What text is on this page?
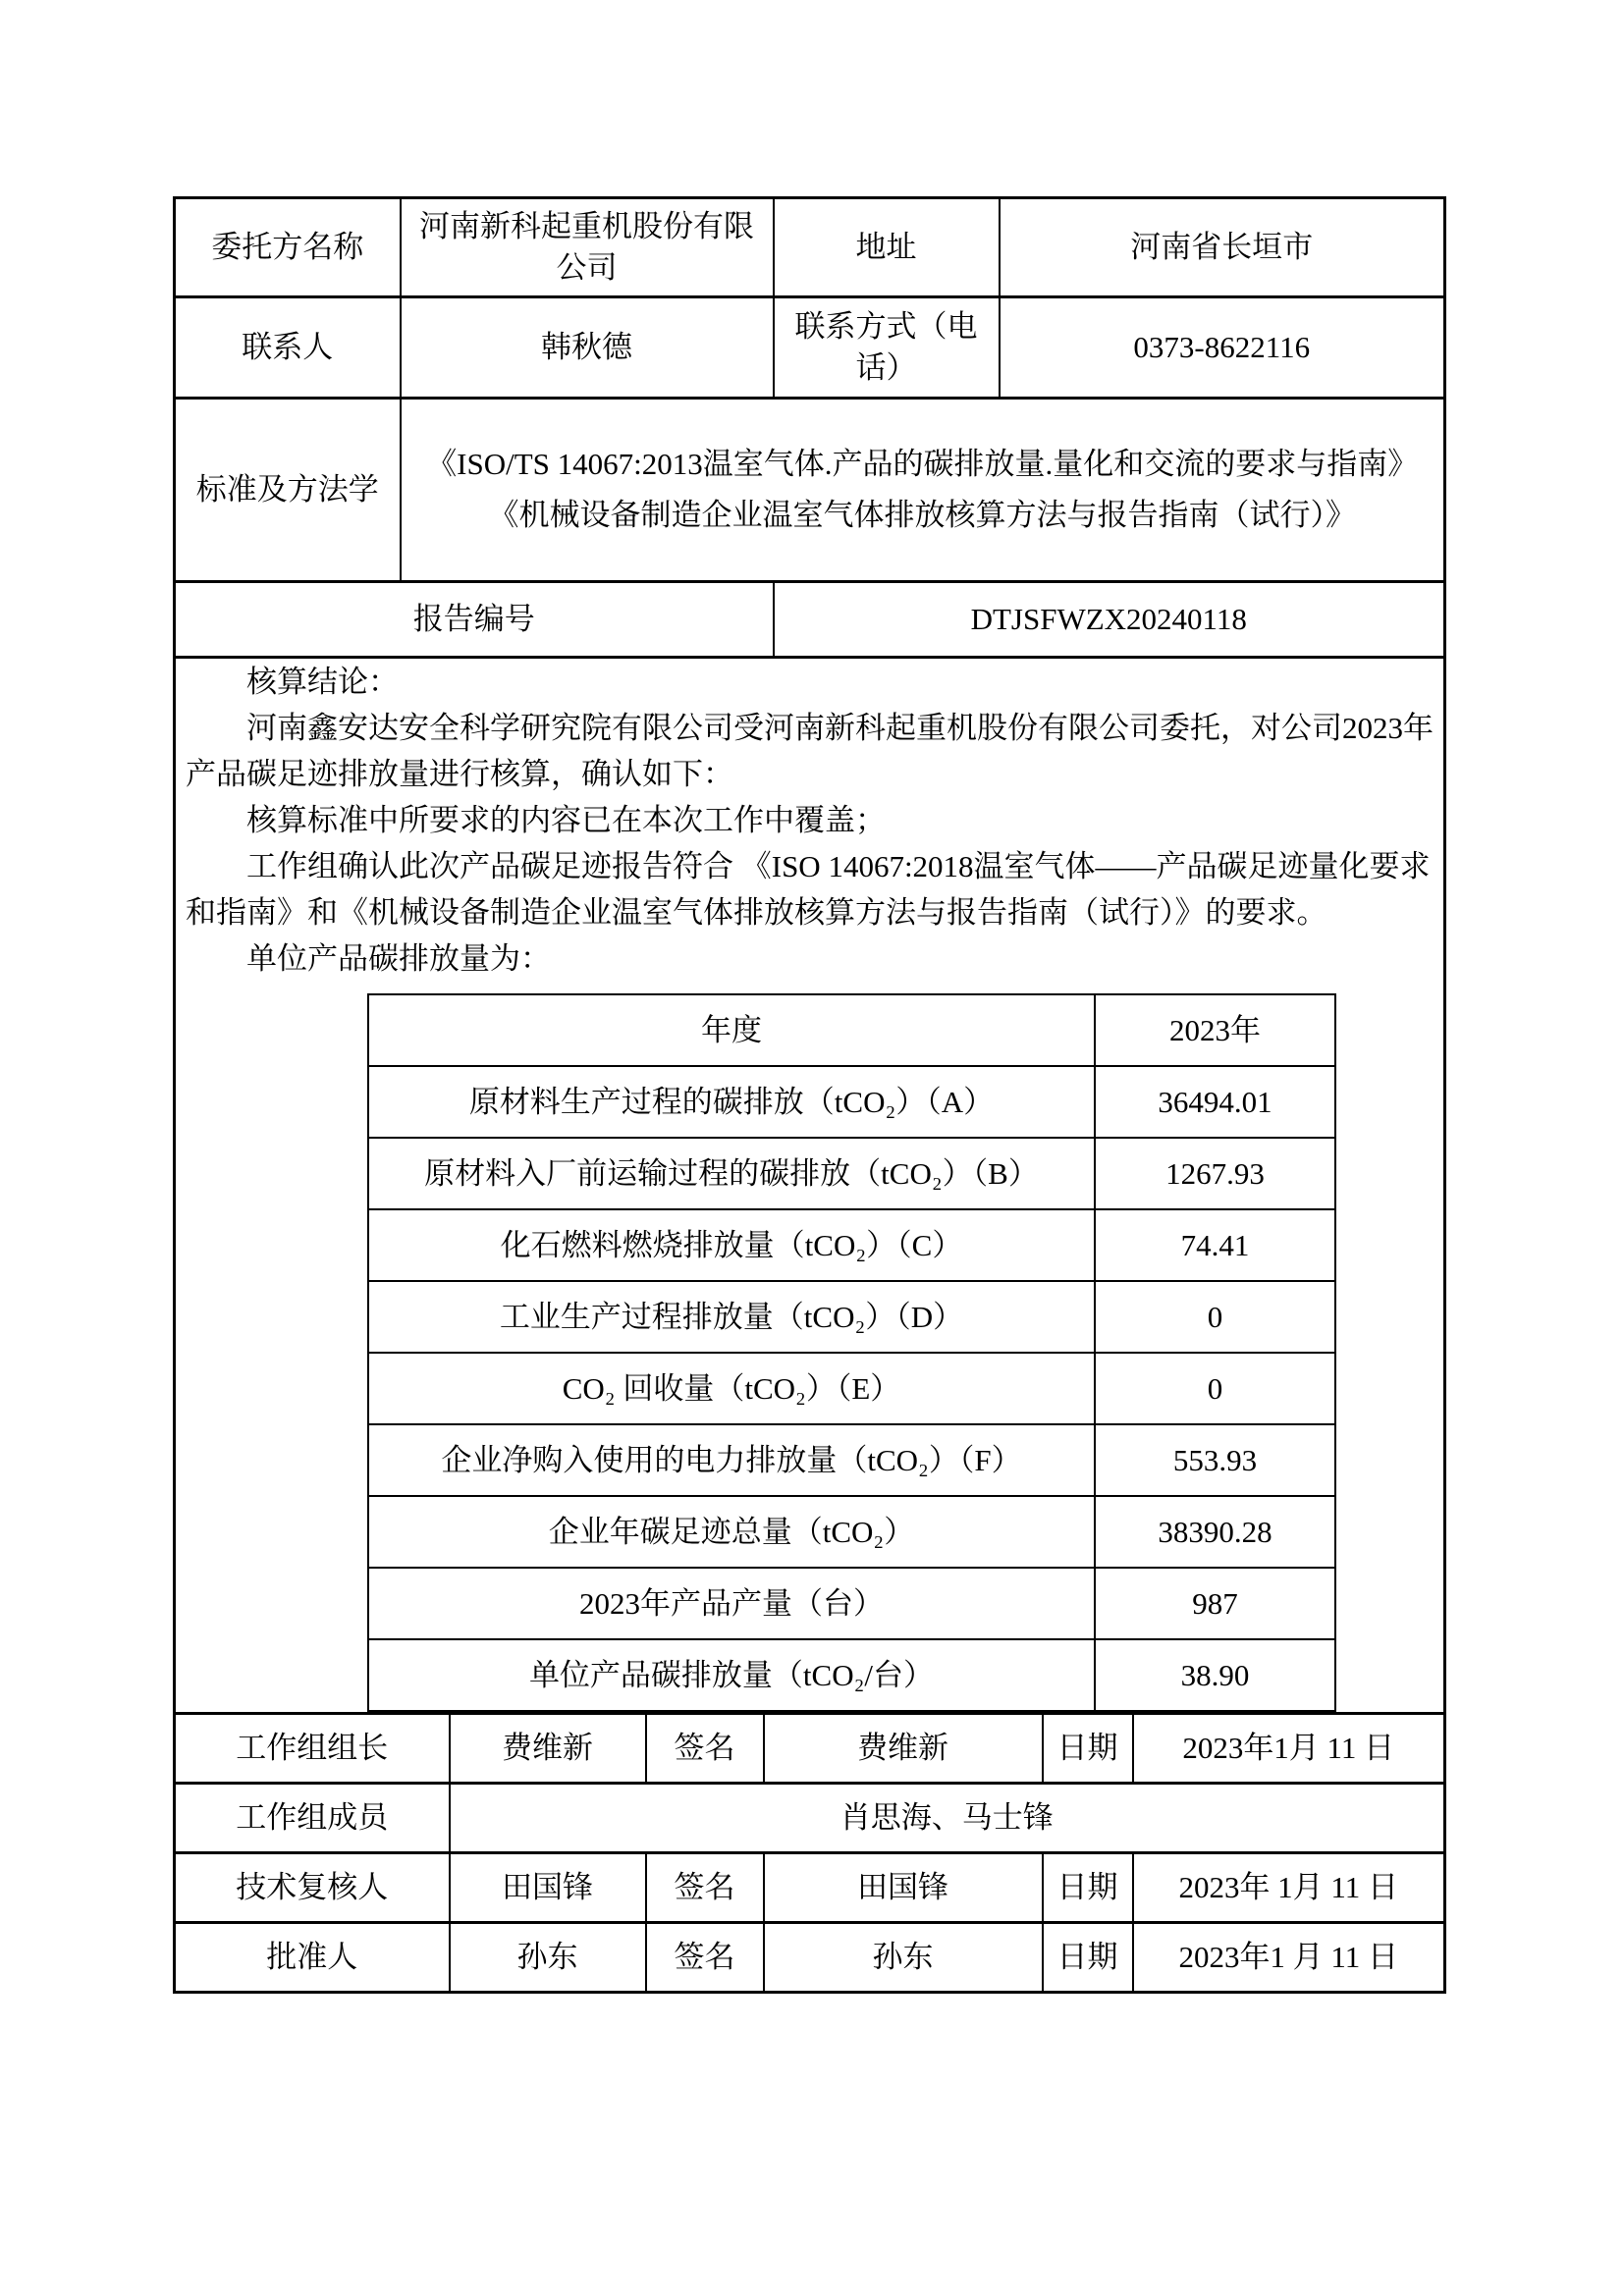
委托方名称	河南新科起重机股份有限公司	地址	河南省长垣市
联系人	韩秋德	联系方式（电话）	0373-8622116
标准及方法学	

《ISO/TS 14067:2013温室气体.产品的碳排放量.量化和交流的要求与指南》

《机械设备制造企业温室气体排放核算方法与报告指南（试行）》

报告编号	DTJSFWZX20240118

核算结论：

河南鑫安达安全科学研究院有限公司受河南新科起重机股份有限公司委托，对公司2023年产品碳足迹排放量进行核算，确认如下：

核算标准中所要求的内容已在本次工作中覆盖；

工作组确认此次产品碳足迹报告符合 《ISO 14067:2018温室气体——产品碳足迹量化要求和指南》和《机械设备制造企业温室气体排放核算方法与报告指南（试行）》的要求。

单位产品碳排放量为：

年度	2023年
原材料生产过程的碳排放（tCO₂）（A）	36494.01
原材料入厂前运输过程的碳排放（tCO₂）（B）	1267.93
化石燃料燃烧排放量（tCO₂）（C）	74.41
工业生产过程排放量（tCO₂）（D）	0
CO₂ 回收量（tCO₂）（E）	0
企业净购入使用的电力排放量（tCO₂）（F）	553.93
企业年碳足迹总量（tCO₂）	38390.28
2023年产品产量（台）	987
单位产品碳排放量（tCO₂/台）	38.90

工作组组长	费维新	签名	费维新	日期	2023年1月 11 日
工作组成员	肖思海、马士锋
技术复核人	田国锋	签名	田国锋	日期	2023年 1月 11 日
批准人	孙东	签名	孙东	日期	2023年1 月 11 日
